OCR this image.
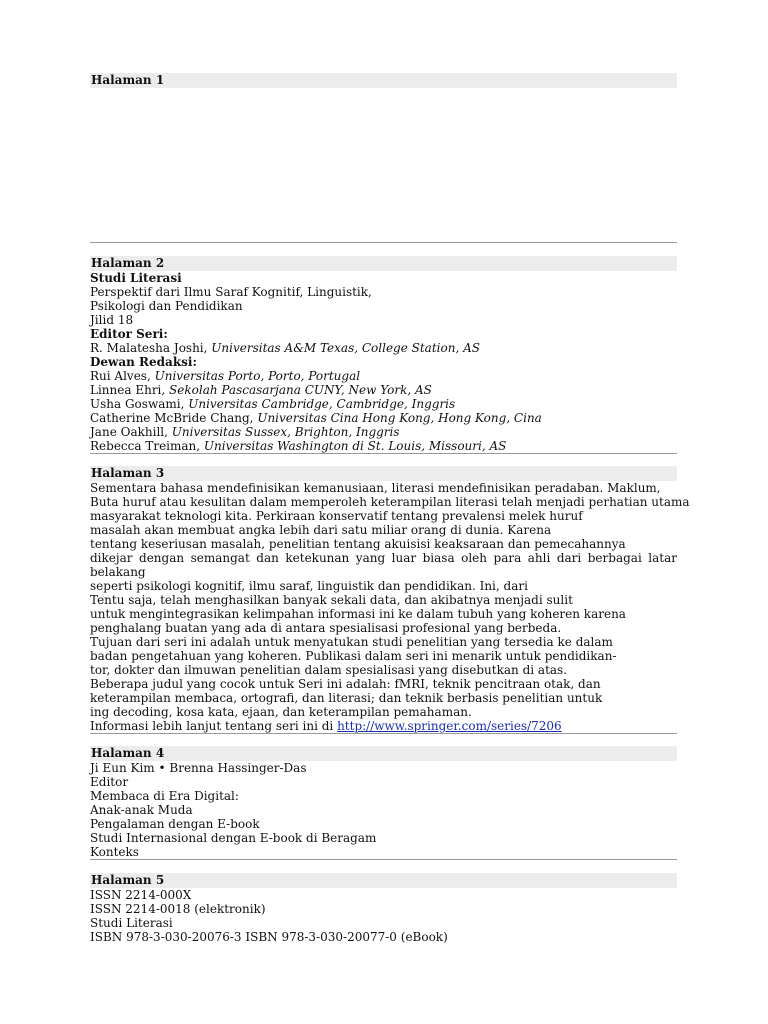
Halaman 1
Halaman 2
Studi Literasi
Perspektif dari Ilmu Saraf Kognitif, Linguistik,
Psikologi dan Pendidikan
Jilid 18
Editor Seri:
R. Malatesha Joshi, Universitas A&M Texas, College Station, AS
Dewan Redaksi:
Rui Alves, Universitas Porto, Porto, Portugal
Linnea Ehri, Sekolah Pascasarjana CUNY, New York, AS
Usha Goswami, Universitas Cambridge, Cambridge, Inggris
Catherine McBride Chang, Universitas Cina Hong Kong, Hong Kong, Cina
Jane Oakhill, Universitas Sussex, Brighton, Inggris
Rebecca Treiman, Universitas Washington di St. Louis, Missouri, AS
Halaman 3
Sementara bahasa mendefinisikan kemanusiaan, literasi mendefinisikan peradaban. Maklum,
Buta huruf atau kesulitan dalam memperoleh keterampilan literasi telah menjadi perhatian utama
masyarakat teknologi kita. Perkiraan konservatif tentang prevalensi melek huruf
masalah akan membuat angka lebih dari satu miliar orang di dunia. Karena
tentang keseriusan masalah, penelitian tentang akuisisi keaksaraan dan pemecahannya
dikejar dengan semangat dan ketekunan yang luar biasa oleh para ahli dari berbagai latar belakang
seperti psikologi kognitif, ilmu saraf, linguistik dan pendidikan. Ini, dari
Tentu saja, telah menghasilkan banyak sekali data, dan akibatnya menjadi sulit
untuk mengintegrasikan kelimpahan informasi ini ke dalam tubuh yang koheren karena
penghalang buatan yang ada di antara spesialisasi profesional yang berbeda.
Tujuan dari seri ini adalah untuk menyatukan studi penelitian yang tersedia ke dalam
badan pengetahuan yang koheren. Publikasi dalam seri ini menarik untuk pendidikan-
tor, dokter dan ilmuwan penelitian dalam spesialisasi yang disebutkan di atas.
Beberapa judul yang cocok untuk Seri ini adalah: fMRI, teknik pencitraan otak, dan
keterampilan membaca, ortografi, dan literasi; dan teknik berbasis penelitian untuk
ing decoding, kosa kata, ejaan, dan keterampilan pemahaman.
Informasi lebih lanjut tentang seri ini di http://www.springer.com/series/7206
Halaman 4
Ji Eun Kim • Brenna Hassinger-Das
Editor
Membaca di Era Digital:
Anak-anak Muda
Pengalaman dengan E-book
Studi Internasional dengan E-book di Beragam
Konteks
Halaman 5
ISSN 2214-000X
ISSN 2214-0018 (elektronik)
Studi Literasi
ISBN 978-3-030-20076-3 ISBN 978-3-030-20077-0 (eBook)
